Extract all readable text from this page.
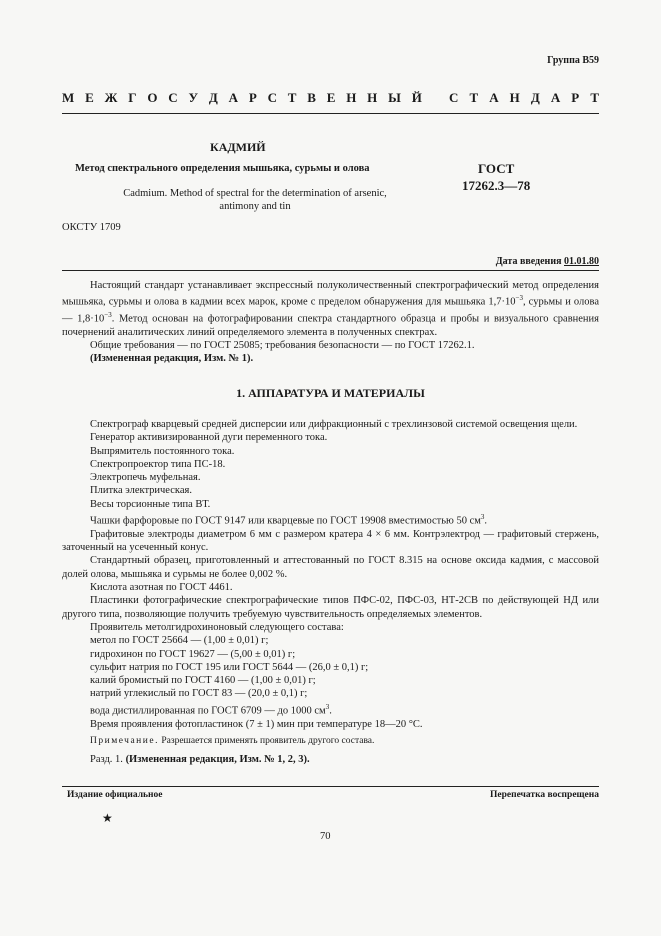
Группа В59
М Е Ж Г О С У Д А Р С Т В Е Н Н Ы Й С Т А Н Д А Р Т
КАДМИЙ
Метод спектрального определения мышьяка, сурьмы и олова
Cadmium. Method of spectral for the determination of arsenic,
antimony and tin
ГОСТ
17262.3—78
ОКСТУ 1709
Дата введения 01.01.80

Настоящий стандарт устанавливает экспрессный полуколичественный спектрографический метод определения мышьяка, сурьмы и олова в кадмии всех марок, кроме с пределом обнаружения для мышьяка $1,7\cdot 10^{-3}$, сурьмы и олова — $1,8\cdot 10^{-3}$. Метод основан на фотографировании спектра стандартного образца и пробы и визуального сравнения почернений аналитических линий определяемого элемента в полученных спектрах.

Общие требования — по ГОСТ 25085; требования безопасности — по ГОСТ 17262.1.

(Измененная редакция, Изм. № 1).

1. АППАРАТУРА И МАТЕРИАЛЫ

Спектрограф кварцевый средней дисперсии или дифракционный с трехлинзовой системой освещения щели.

Генератор активизированной дуги переменного тока.

Выпрямитель постоянного тока.

Спектропроектор типа ПС-18.

Электропечь муфельная.

Плитка электрическая.

Весы торсионные типа ВТ.

Чашки фарфоровые по ГОСТ 9147 или кварцевые по ГОСТ 19908 вместимостью 50 $см^3$.

Графитовые электроды диаметром 6 мм с размером кратера 4 × 6 мм. Контрэлектрод — графитовый стержень, заточенный на усеченный конус.

Стандартный образец, приготовленный и аттестованный по ГОСТ 8.315 на основе оксида кадмия, с массовой долей олова, мышьяка и сурьмы не более 0,002 %.

Кислота азотная по ГОСТ 4461.

Пластинки фотографические спектрографические типов ПФС-02, ПФС-03, НТ-2СВ по действующей НД или другого типа, позволяющие получить требуемую чувствительность определяемых элементов.

Проявитель метолгидрохиноновый следующего состава:

метол по ГОСТ 25664 — (1,00 ± 0,01) г;

гидрохинон по ГОСТ 19627 — (5,00 ± 0,01) г;

сульфит натрия по ГОСТ 195 или ГОСТ 5644 — (26,0 ± 0,1) г;

калий бромистый по ГОСТ 4160 — (1,00 ± 0,01) г;

натрий углекислый по ГОСТ 83 — (20,0 ± 0,1) г;

вода дистиллированная по ГОСТ 6709 — до 1000 $см^3$.

Время проявления фотопластинок (7 ± 1) мин при температуре 18—20 °С.

Примечание. Разрешается применять проявитель другого состава.

Разд. 1. (Измененная редакция, Изм. № 1, 2, 3).

Издание официальное	Перепечатка воспрещена
★
70
